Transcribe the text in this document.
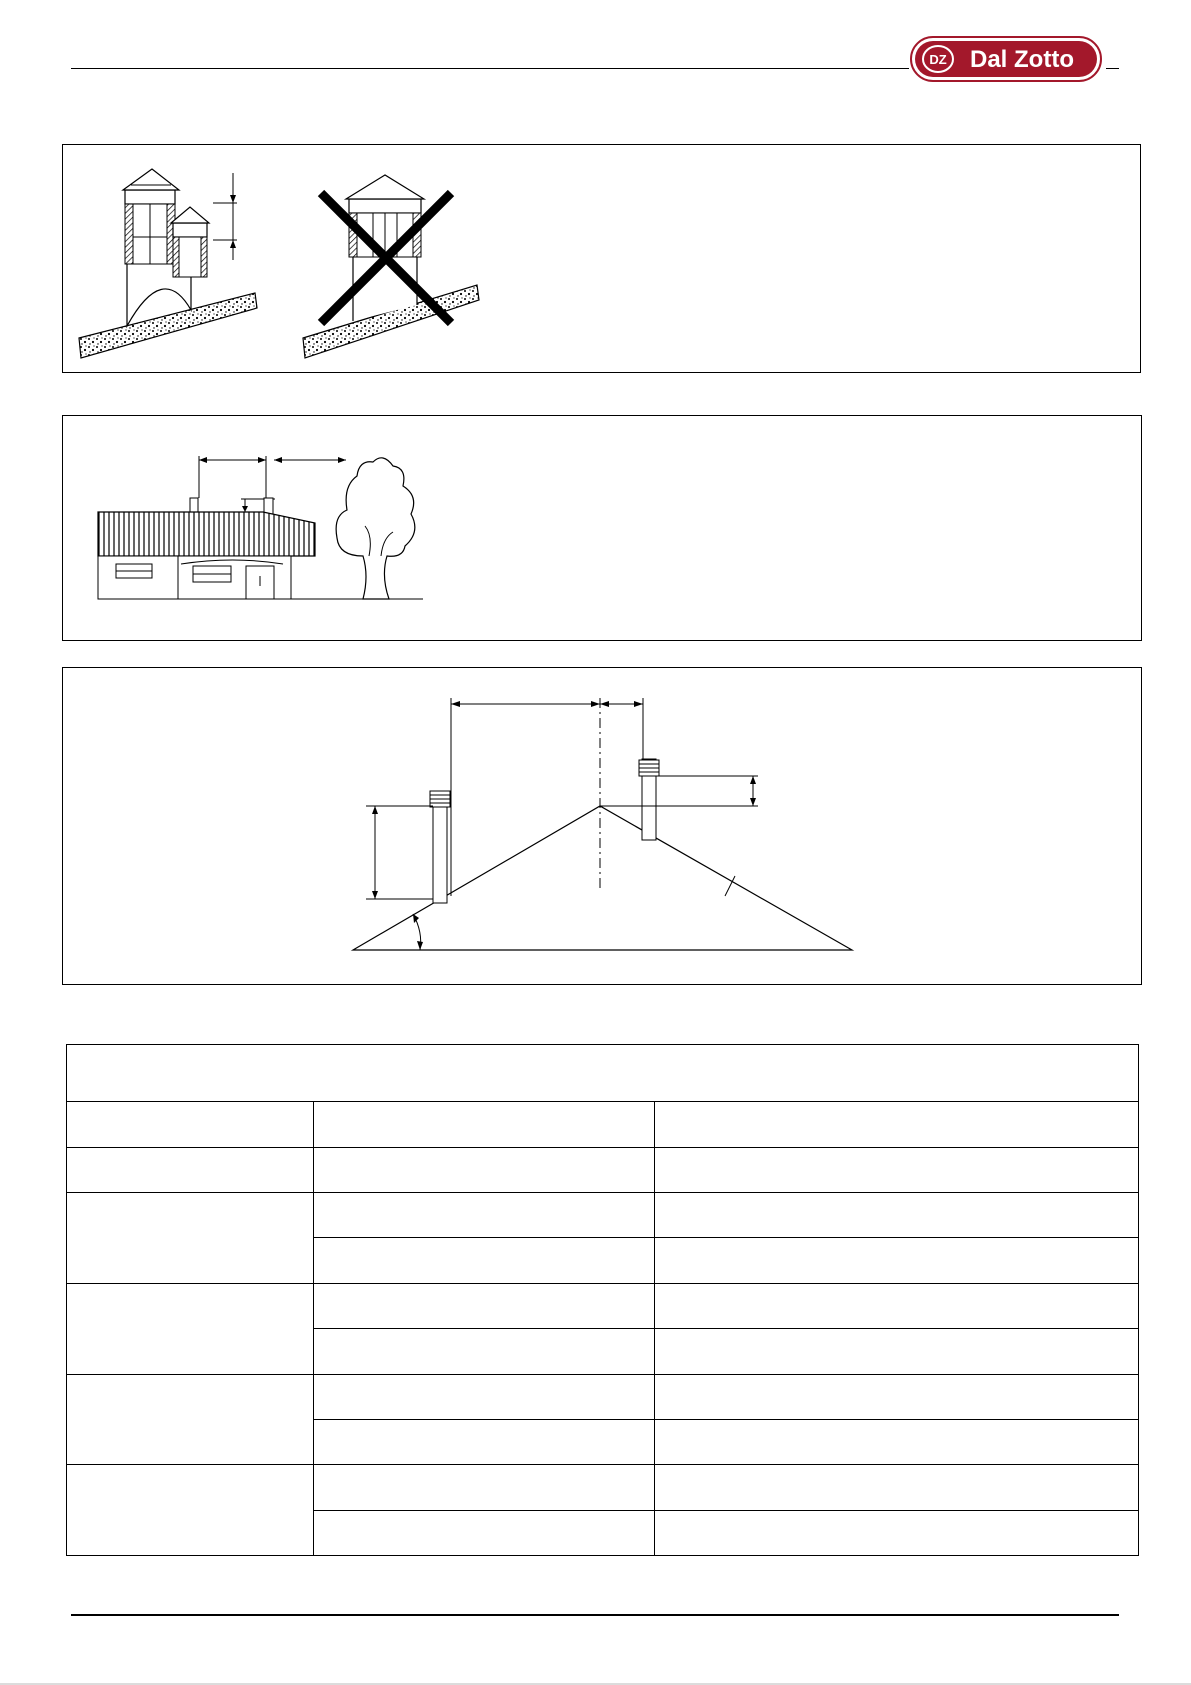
DZ Dal Zotto
